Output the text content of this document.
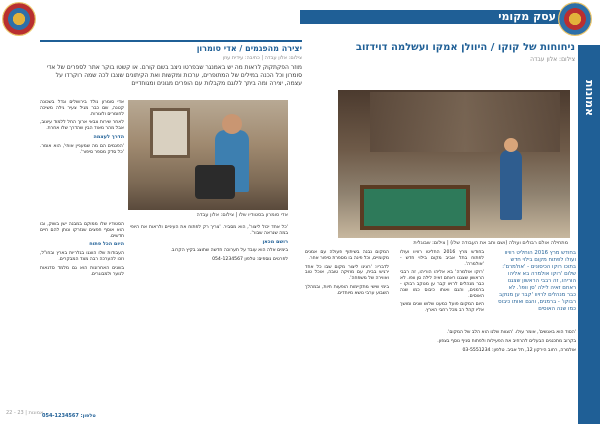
עסק מקומי
אמונות
ניחוחות של קוקו / היוולן אמקו ועשלמה דוידזוב
צילום: אלון עבדה
מתחילה אולם רבולים ועולה (ושם ותב את העבודה שלו) | צילום: שבוגלית
בחודש מרץ 2016 הוחליט רוויוו ועולו לפתוח מקום בילוי חדש בתוכו רוקו הכיסונים - 'אולמרם': שלום 'רוקו אולמרה בא אליהו הוריהו, זה רבבי הראשון שצגנו ראחם זאיה לילה 'סן וופו'. לא כבר מנהלים לרויוו 'קבר ען מנוקב רבוקו' - ברמנים, והגם ואותו כיבוס כמו שנה האוסים

בחודש מרץ 2016 החליטו רוויוו ועולו לפתוח בתל אביב מקום בילוי חדש - 'אולמרה'.

'רוקו אולמרה' בא אליהו הוריהו, זה רבבי הראשון שצגנו ראחם זאיה לילה סן וופו. לא כבר מנהלים לרויוו קבר ען מנוקב רבוקו - ברמנים, והגם ואותו כיבוס כמו שנה האוסים.

היום המקום פועל כמעט שלוש שנים ומושך אליו קהל רב מכל רחבי הארץ.

המקום נבנה בשיתוף פעולה עם אמנים מקומיים, וכל פינה בו מספרת סיפור אחר.

לדבריו: 'רצינו ליצור מקום שבו כל אחד ירגיש בבית, עם מוזיקה טובה, אוכל טוב ואווירה של משפחה'.

בימי שישי מתקיימות הופעות חיות, ובמהלך השבוע ערבי נושא מיוחדים.

'הסוד הוא באנשים', אומר עולו. 'הצוות שלנו הוא הלב של המקום'.

בקרוב מתכננים הבעלים להרחיב את הפעילות ולפתוח סניף נוסף בצפון.

אולמרה, רחוב הירקון 12, תל אביב. טלפון: 03-5551234

יצירה מהפגמים / אדי סומרון
צילום: אלון עבדה | כתיבה: עידית עוזן
מוזר הפקתקוק לראות מה יש באמנגר שבפרטו ניצב בשם קורם. או קשטו בוקר אתר לספרים של אדי סומרון וכל הכנה במילים של המתופרים, ערכות ומקשות ואת הקיתונים שצבו לכה שמה רוקרדו על עצמה, יצירה ומה ביתך ללוגם מקבלות עם הופרים מגונים ומגוחדיים
אדי סומרון בסטודיו שלו | צילום: אלון עבדה

אדי סומרון נולד בירושלים וגדל בשכונה קטנה, שם כבר מגיל צעיר גילה משיכה לחומרים ולצורות.

לאחר שירות צבאי ארוך החל ללמוד עיצוב, אבל מהר מאוד הבין שהדרך שלו אחרת.

הדרך לעצמה

'הפגמים הם מה שמעניין אותי', הוא אומר. 'כל סדק מספר סיפור'.

הסטודיו שלו ממוקם במבנה ישן בשוק, ובו הוא אוסף חפצים שנזרקו ונותן להם חיים חדשים.

היום הכל פתוח

העבודות שלו הוצגו בגלריות בארץ ובחו"ל, וזכו להערכה רבה מצד המבקרים.

בשנים האחרונות הוא גם מלמד סדנאות לנוער ולמבוגרים.

'כל אחד יכול ליצור', הוא מסביר. 'צריך רק לפתוח את העיניים ולראות את היופי במה שנראה שבור'.

רושם מכאן

בימים אלה הוא עובד על תערוכה חדשה שתוצג בקיץ הקרוב.

לפרטים נוספים: טלפון 054-1234567

22 - 23 | אמונות
054-1234567 :טלפון
